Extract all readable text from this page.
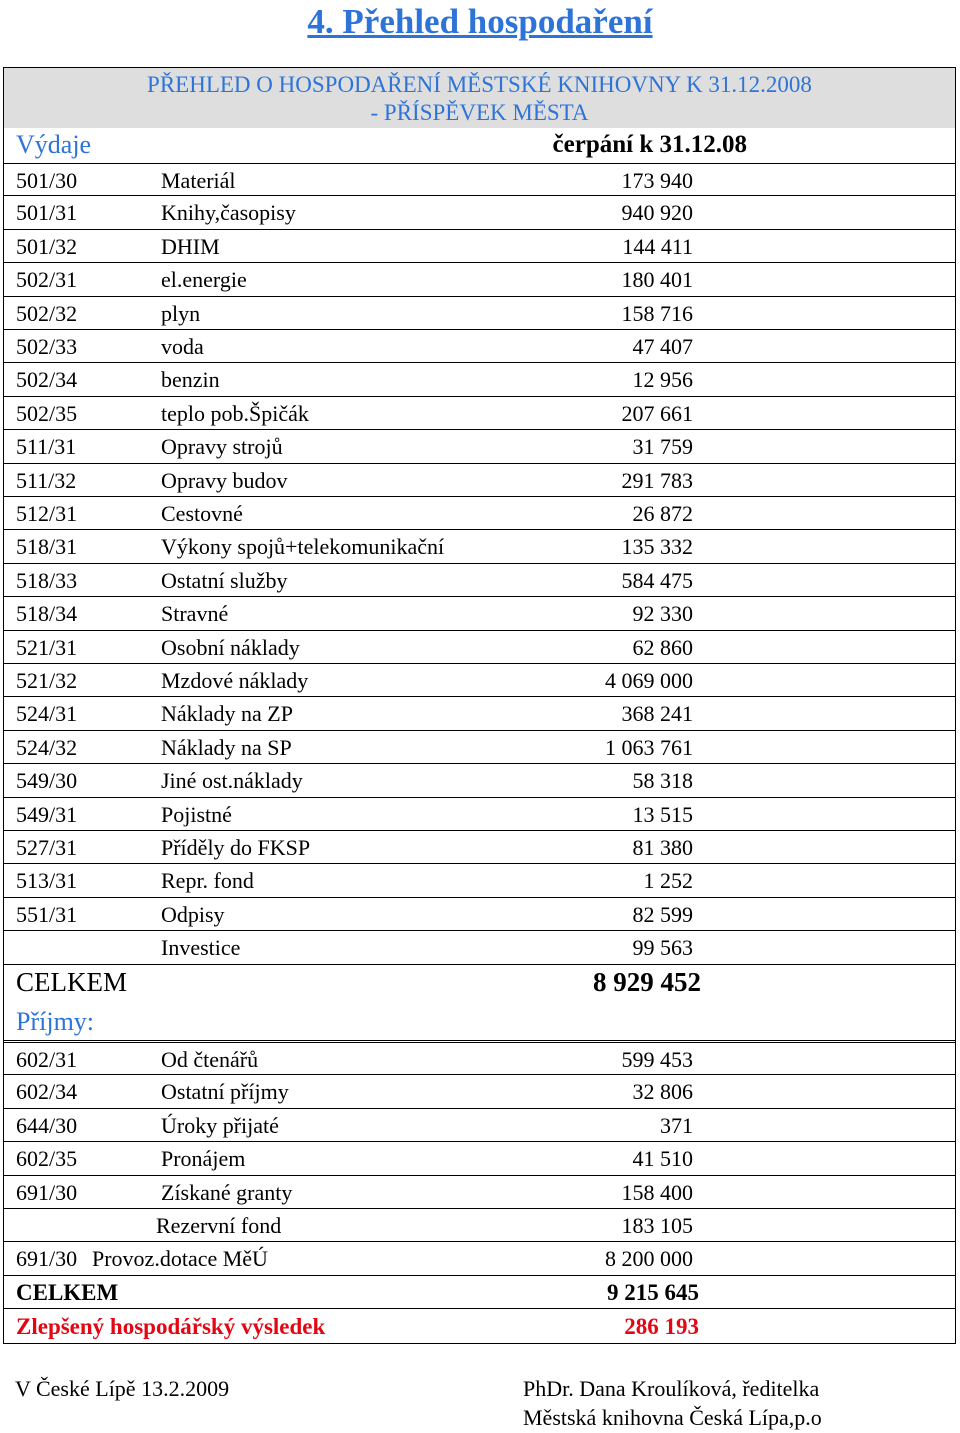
4. Přehled hospodaření
PŘEHLED O HOSPODAŘENÍ MĚSTSKÉ KNIHOVNY K 31.12.2008
- PŘÍSPĚVEK MĚSTA
Výdaje	čerpání k 31.12.08
501/30	Materiál	173 940
501/31	Knihy,časopisy	940 920
501/32	DHIM	144 411
502/31	el.energie	180 401
502/32	plyn	158 716
502/33	voda	47 407
502/34	benzin	12 956
502/35	teplo pob.Špičák	207 661
511/31	Opravy strojů	31 759
511/32	Opravy budov	291 783
512/31	Cestovné	26 872
518/31	Výkony spojů+telekomunikační	135 332
518/33	Ostatní služby	584 475
518/34	Stravné	92 330
521/31	Osobní náklady	62 860
521/32	Mzdové náklady	4 069 000
524/31	Náklady na ZP	368 241
524/32	Náklady na SP	1 063 761
549/30	Jiné ost.náklady	58 318
549/31	Pojistné	13 515
527/31	Příděly do FKSP	81 380
513/31	Repr. fond	1 252
551/31	Odpisy	82 599
Investice	99 563
CELKEM	8 929 452
Příjmy:
602/31	Od čtenářů	599 453
602/34	Ostatní příjmy	32 806
644/30	Úroky přijaté	371
602/35	Pronájem	41 510
691/30	Získané granty	158 400
Rezervní fond	183 105
691/30 Provoz.dotace MěÚ	8 200 000
CELKEM	9 215 645
Zlepšený hospodářský výsledek	286 193
V České Lípě 13.2.2009	PhDr. Dana Kroulíková, ředitelka
Městská knihovna Česká Lípa,p.o
